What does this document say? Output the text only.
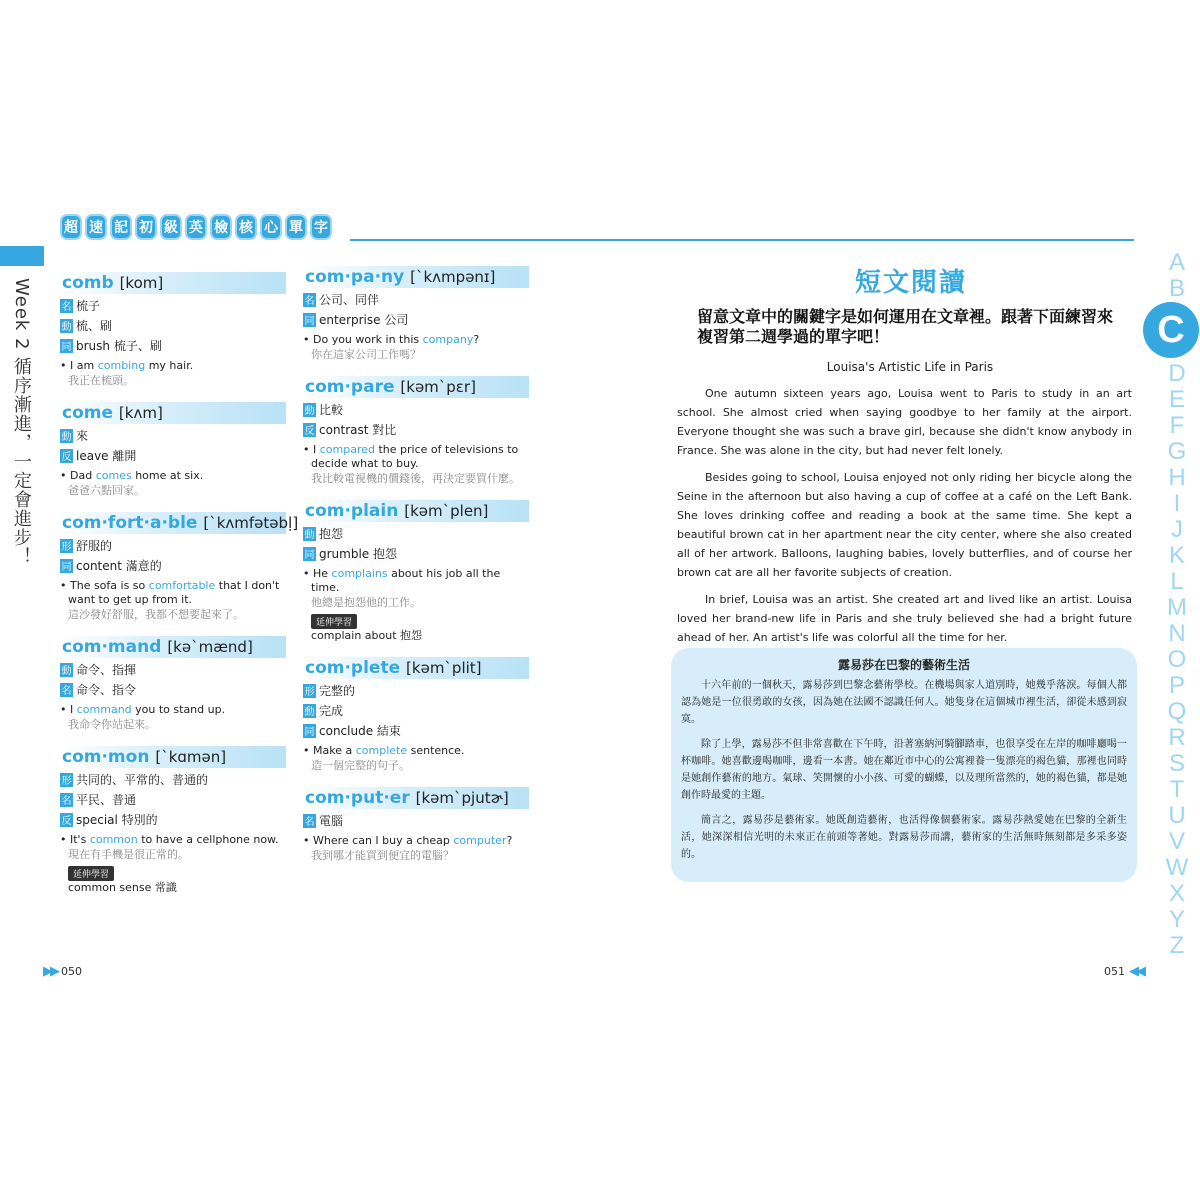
超 速 記 初 級 英 檢 核 心 單 字
Week 2 循序漸進，一定會進步！ comb [kom]
名 梳子
動 梳、刷
同 brush 梳子、刷
• I am combing my hair.
我正在梳頭。
come [kʌm]
動 來
反 leave 離開
• Dad comes home at six.
爸爸六點回家。
com·fort·a·ble [ˋkʌmfətəbḷ]
形 舒服的
同 content 滿意的
• The sofa is so comfortable that I don't want to get up from it.
這沙發好舒服，我都不想要起來了。
com·mand [kəˋmænd]
動 命令、指揮
名 命令、指令
• I command you to stand up.
我命令你站起來。
com·mon [ˋkɑmən]
形 共同的、平常的、普通的
名 平民、普通
反 special 特別的
• It's common to have a cellphone now.
現在有手機是很正常的。
延伸學習
common sense 常識
com·pa·ny [ˋkʌmpənɪ]
名 公司、同伴
同 enterprise 公司
• Do you work in this company?
你在這家公司工作嗎？
com·pare [kəmˋpɛr]
動 比較
反 contrast 對比
• I compared the price of televisions to decide what to buy.
我比較電視機的價錢後，再決定要買什麼。
com·plain [kəmˋplen]
動 抱怨
同 grumble 抱怨
• He complains about his job all the time.
他總是抱怨他的工作。
延伸學習
complain about 抱怨
com·plete [kəmˋplit]
形 完整的
動 完成
同 conclude 結束
• Make a complete sentence.
造一個完整的句子。
com·put·er [kəmˋpjutɚ]
名 電腦
• Where can I buy a cheap computer?
我到哪才能買到便宜的電腦？
短文閱讀
留意文章中的關鍵字是如何運用在文章裡。跟著下面練習來複習第二週學過的單字吧！
Louisa's Artistic Life in Paris

One autumn sixteen years ago, Louisa went to Paris to study in an art school. She almost cried when saying goodbye to her family at the airport. Everyone thought she was such a brave girl, because she didn't know anybody in France. She was alone in the city, but had never felt lonely.

Besides going to school, Louisa enjoyed not only riding her bicycle along the Seine in the afternoon but also having a cup of coffee at a café on the Left Bank. She loves drinking coffee and reading a book at the same time. She kept a beautiful brown cat in her apartment near the city center, where she also created all of her artwork. Balloons, laughing babies, lovely butterflies, and of course her brown cat are all her favorite subjects of creation.

In brief, Louisa was an artist. She created art and lived like an artist. Louisa loved her brand-new life in Paris and she truly believed she had a bright future ahead of her. An artist's life was colorful all the time for her.

露易莎在巴黎的藝術生活

十六年前的一個秋天，露易莎到巴黎念藝術學校。在機場與家人道別時，她幾乎落淚。每個人都認為她是一位很勇敢的女孩，因為她在法國不認識任何人。她隻身在這個城市裡生活，卻從未感到寂寞。

除了上學，露易莎不但非常喜歡在下午時，沿著塞納河騎腳踏車，也很享受在左岸的咖啡廳喝一杯咖啡。她喜歡邊喝咖啡，邊看一本書。她在鄰近市中心的公寓裡養一隻漂亮的褐色貓，那裡也同時是她創作藝術的地方。氣球、笑開懷的小小孩、可愛的蝴蝶，以及理所當然的，她的褐色貓，都是她創作時最愛的主題。

簡言之，露易莎是藝術家。她既創造藝術，也活得像個藝術家。露易莎熱愛她在巴黎的全新生活，她深深相信光明的未來正在前頭等著她。對露易莎而講，藝術家的生活無時無刻都是多采多姿的。

A
B
C
D
E
F
G
H
I
J
K
L
M
N
O
P
Q
R
S
T
U
V
W
X
Y
Z
▶▶ 050	051 ◀◀
